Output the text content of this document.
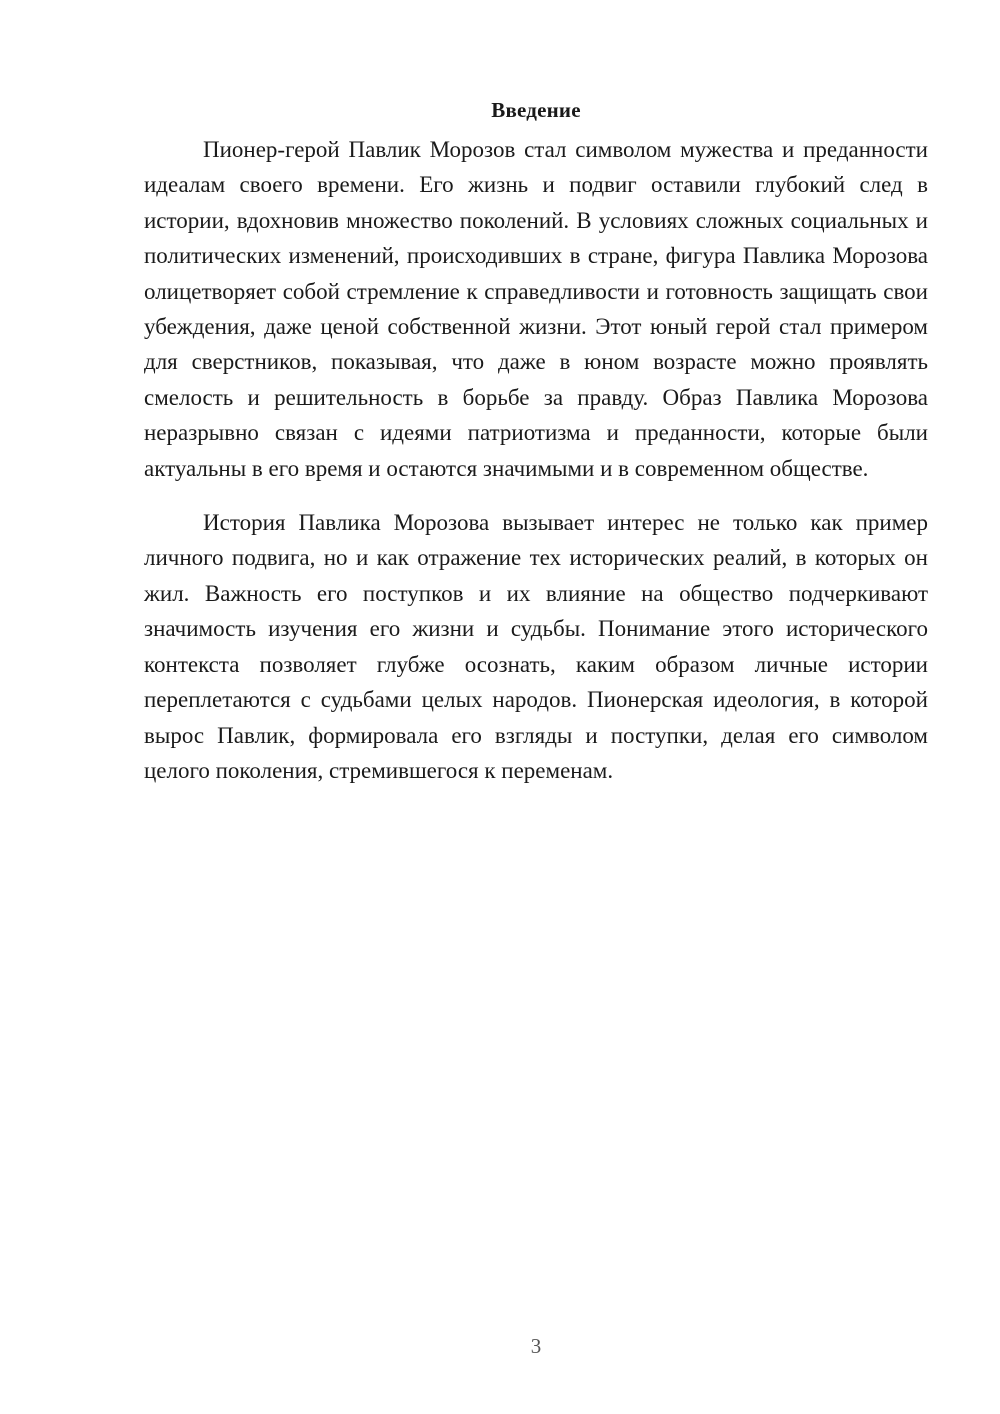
Введение

Пионер-герой Павлик Морозов стал символом мужества и преданности идеалам своего времени. Его жизнь и подвиг оставили глубокий след в истории, вдохновив множество поколений. В условиях сложных социальных и политических изменений, происходивших в стране, фигура Павлика Морозова олицетворяет собой стремление к справедливости и готовность защищать свои убеждения, даже ценой собственной жизни. Этот юный герой стал примером для сверстников, показывая, что даже в юном возрасте можно проявлять смелость и решительность в борьбе за правду. Образ Павлика Морозова неразрывно связан с идеями патриотизма и преданности, которые были актуальны в его время и остаются значимыми и в современном обществе.

История Павлика Морозова вызывает интерес не только как пример личного подвига, но и как отражение тех исторических реалий, в которых он жил. Важность его поступков и их влияние на общество подчеркивают значимость изучения его жизни и судьбы. Понимание этого исторического контекста позволяет глубже осознать, каким образом личные истории переплетаются с судьбами целых народов. Пионерская идеология, в которой вырос Павлик, формировала его взгляды и поступки, делая его символом целого поколения, стремившегося к переменам.

3
